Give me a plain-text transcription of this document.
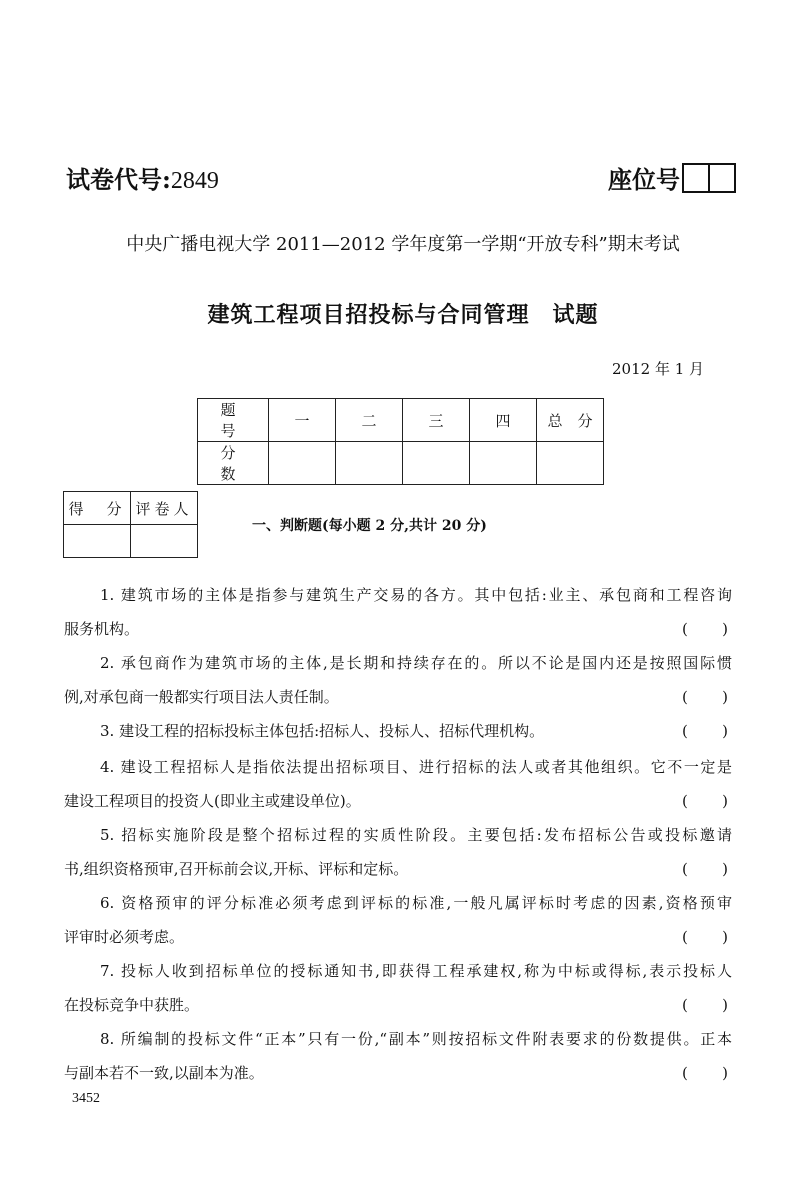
试卷代号:2849	座位号
中央广播电视大学 2011—2012 学年度第一学期“开放专科”期末考试
建筑工程项目招投标与合同管理　试题
2012 年 1 月
题　号	一	二	三	四	总　分
分　数					
得　分	评卷人

一、判断题(每小题 2 分,共计 20 分)

1. 建筑市场的主体是指参与建筑生产交易的各方。其中包括:业主、承包商和工程咨询

服务机构。	( )

2. 承包商作为建筑市场的主体,是长期和持续存在的。所以不论是国内还是按照国际惯

例,对承包商一般都实行项目法人责任制。	( )

3. 建设工程的招标投标主体包括:招标人、投标人、招标代理机构。	( )

4. 建设工程招标人是指依法提出招标项目、进行招标的法人或者其他组织。它不一定是

建设工程项目的投资人(即业主或建设单位)。	( )

5. 招标实施阶段是整个招标过程的实质性阶段。主要包括:发布招标公告或投标邀请

书,组织资格预审,召开标前会议,开标、评标和定标。	( )

6. 资格预审的评分标准必须考虑到评标的标准,一般凡属评标时考虑的因素,资格预审

评审时必须考虑。	( )

7. 投标人收到招标单位的授标通知书,即获得工程承建权,称为中标或得标,表示投标人

在投标竞争中获胜。	( )

8. 所编制的投标文件“正本”只有一份,“副本”则按招标文件附表要求的份数提供。正本

与副本若不一致,以副本为准。	( )

3452
